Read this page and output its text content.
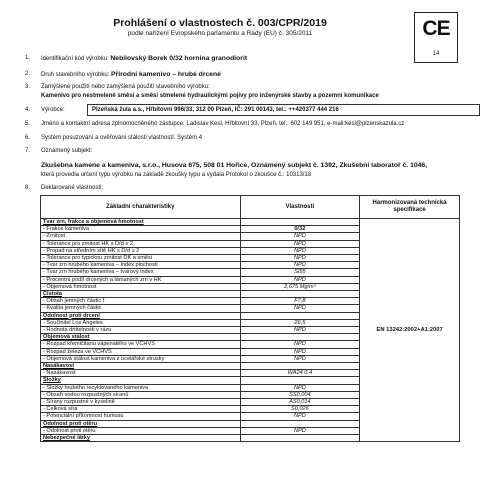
Prohlášení o vlastnostech č. 003/CPR/2019
podle nařízení Evropského parlamentu a Rady (EU) č. 305/2011	CE
14
1. Identifikační kód výrobku: Nebilovský Borek 0/32 hornina granodiorit
2. Druh stavebního výrobku: Přírodní kamenivo – hrubé drcené
3. Zamýšlené použití nebo zamýšlená použití stavebního výrobku:
Kamenivo pro nestmelené směsi a směsi stmelené hydraulickými pojivy pro inženýrské stavby a pozemní komunikace
4. Výrobce:	Plzeňská žula a.s., Hřbitovní 996/33, 312 00 Plzeň, IČ: 291 00143, tel.: ++420377 444 216
5. Jméno a kontaktní adresa zplnomocněného zástupce: Ladislav Kesl, Hřbitovní 33, Plzeň, tel.: 602 149 951, e-mail:kesl@plzenskazula.cz
6. Systém posuzování a ověřování stálosti vlastností: Systém 4
7. Oznámený subjekt:
Zkušebna kamene a kameniva, s.r.o., Husova 675, 508 01 Hořice, Oznámený subjekt č. 1392, Zkušební laboratoř č. 1046,
která provedla určení typu výrobku na základě zkoušky typu a vydala Protokol o zkoušce č.: 10313/18
8. Deklarované vlastnosti:
Základní charakteristiky	Vlastnosti	Harmonizovaná technická specifikace
Tvar zrn, frakce a objemová hmotnost		EN 13242:2002+A1:2007
- Frakce kameniva	0/32	
- Zrnitost	NPD	
- Tolerance pro zrnitost HK s D/d ≥ 2	NPD	
- Propad na středním sítě HK s D/d ≥ 2	NPD	
- Tolerance pro typickou zrnitost DK a směsi	NPD	
- Tvar zrn hrubého kameniva – index plochosti	NPD	
- Tvar zrn hrubého kameniva – tvarový index	SI55	
- Procentní podíl drcených a lámaných zrn v HK	NPD	
- Objemová hmotnost	2,675 Mg/m³	
Čistota		
- Obsah jemných částic f	F7,8	
- Kvalita jemných částic	NPD	
Odolnost proti drcení		
- Součinitel Los Angeles	26,5	
- Hodnota drtitelnosti v rázu	NPD	
Objemová stálost		
- Rozpad křemičitanu vápenatého ve VCHVS	NPD	
- Rozpad železa ve VCHVS	NPD	
- Objemová stálost kameniva z ocelářské strusky	NPD	
Nasákavost		
- Nasákavost	WA24 0,4	
Složky		
- Složky hrubého recyklovaného kameniva	NPD	
- Obsah vodou rozpustných síranů	SS0,004	
- Sírany rozpustné v kyselině	AS0,014	
- Celková síra	S0,026	
- Potenciální přítomnost humusu	NPD	
Odolnost proti otěru		
- Odolnost proti otěru	NPD	
Nebezpečné látky		
